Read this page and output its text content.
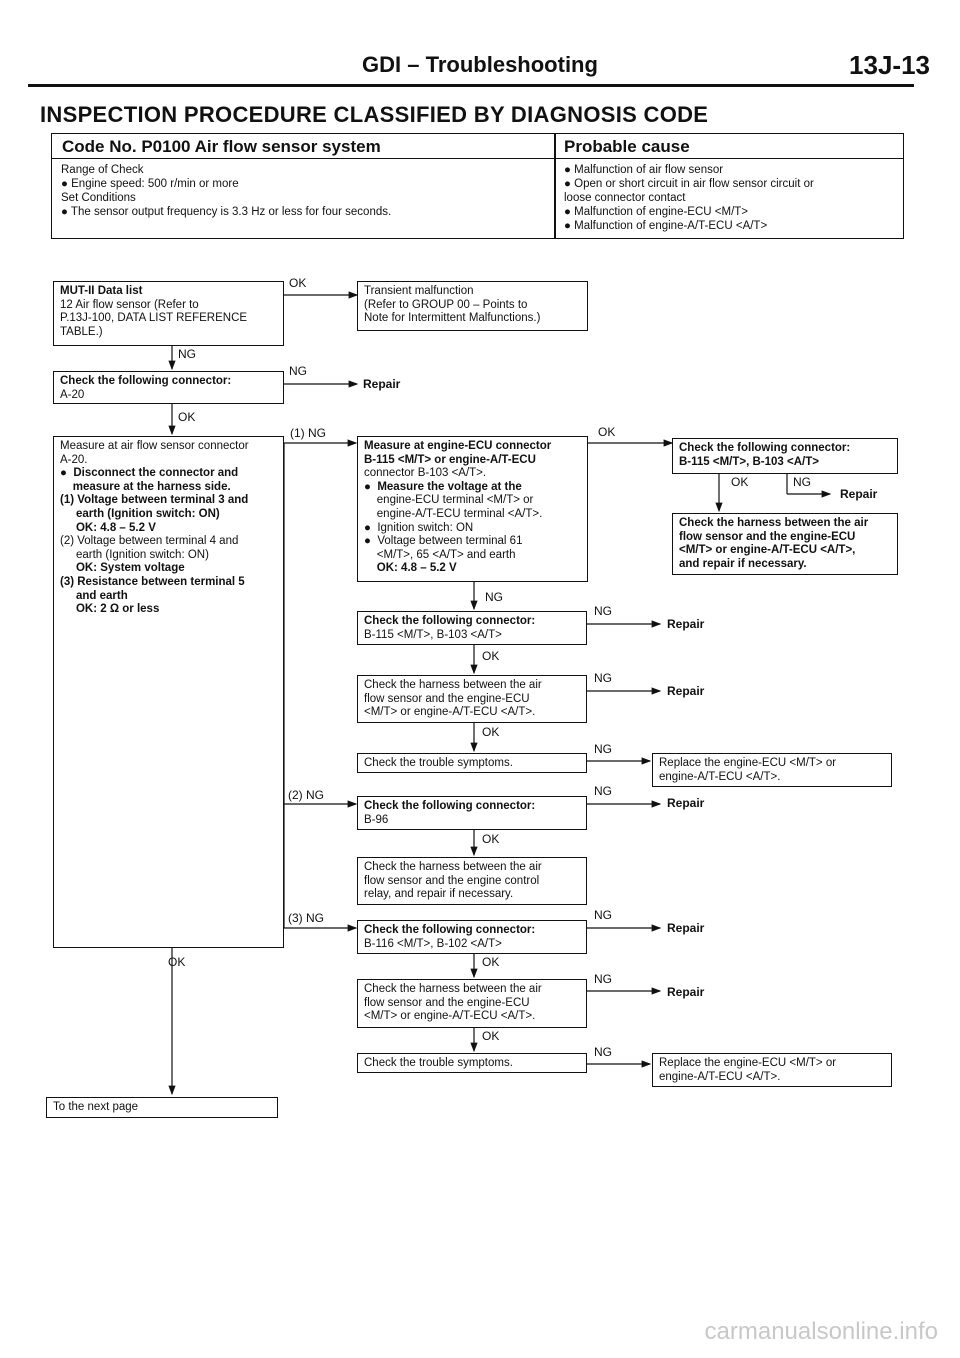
GDI – Troubleshooting	13J-13
INSPECTION PROCEDURE CLASSIFIED BY DIAGNOSIS CODE
Code No. P0100 Air flow sensor system	Probable cause
Range of Check
● Engine speed: 500 r/min or more
Set Conditions
● The sensor output frequency is 3.3 Hz or less for four seconds.
● Malfunction of air flow sensor
● Open or short circuit in air flow sensor circuit or
loose connector contact
● Malfunction of engine-ECU <M/T>
● Malfunction of engine-A/T-ECU <A/T>
MUT-II Data list
12 Air flow sensor (Refer to
P.13J-100, DATA LIST REFERENCE
TABLE.)
Transient malfunction
(Refer to GROUP 00 – Points to
Note for Intermittent Malfunctions.)
Check the following connector:
A-20
Measure at air flow sensor connector
A-20.
●  Disconnect the connector and
measure at the harness side.
(1) Voltage between terminal 3 and
earth (Ignition switch: ON)
OK: 4.8 – 5.2 V
(2) Voltage between terminal 4 and
earth (Ignition switch: ON)
OK: System voltage
(3) Resistance between terminal 5
and earth
OK: 2 Ω or less
Measure at engine-ECU connector
B-115 <M/T> or engine-A/T-ECU
connector B-103 <A/T>.
●  Measure the voltage at the
engine-ECU terminal <M/T> or
engine-A/T-ECU terminal <A/T>.
●  Ignition switch: ON
●  Voltage between terminal 61
<M/T>, 65 <A/T> and earth
OK: 4.8 – 5.2 V
Check the following connector:
B-115 <M/T>, B-103 <A/T>
Check the harness between the air
flow sensor and the engine-ECU
<M/T> or engine-A/T-ECU <A/T>,
and repair if necessary.
Check the following connector:
B-115 <M/T>, B-103 <A/T>
Check the harness between the air
flow sensor and the engine-ECU
<M/T> or engine-A/T-ECU <A/T>.
Check the trouble symptoms.	Replace the engine-ECU <M/T> or
engine-A/T-ECU <A/T>.
Check the following connector:
B-96
Check the harness between the air
flow sensor and the engine control
relay, and repair if necessary.
Check the following connector:
B-116 <M/T>, B-102 <A/T>
Check the harness between the air
flow sensor and the engine-ECU
<M/T> or engine-A/T-ECU <A/T>.
Check the trouble symptoms.	Replace the engine-ECU <M/T> or
engine-A/T-ECU <A/T>.
To the next page
OK
NG
NG
Repair
OK
(1) NG	OK
OK	NG
Repair
NG
NG
Repair
OK
NG
Repair
OK
NG
(2) NG	NG
Repair
OK
(3) NG	NG
Repair
OK	OK
NG
Repair
OK
NG
carmanualsonline.info
